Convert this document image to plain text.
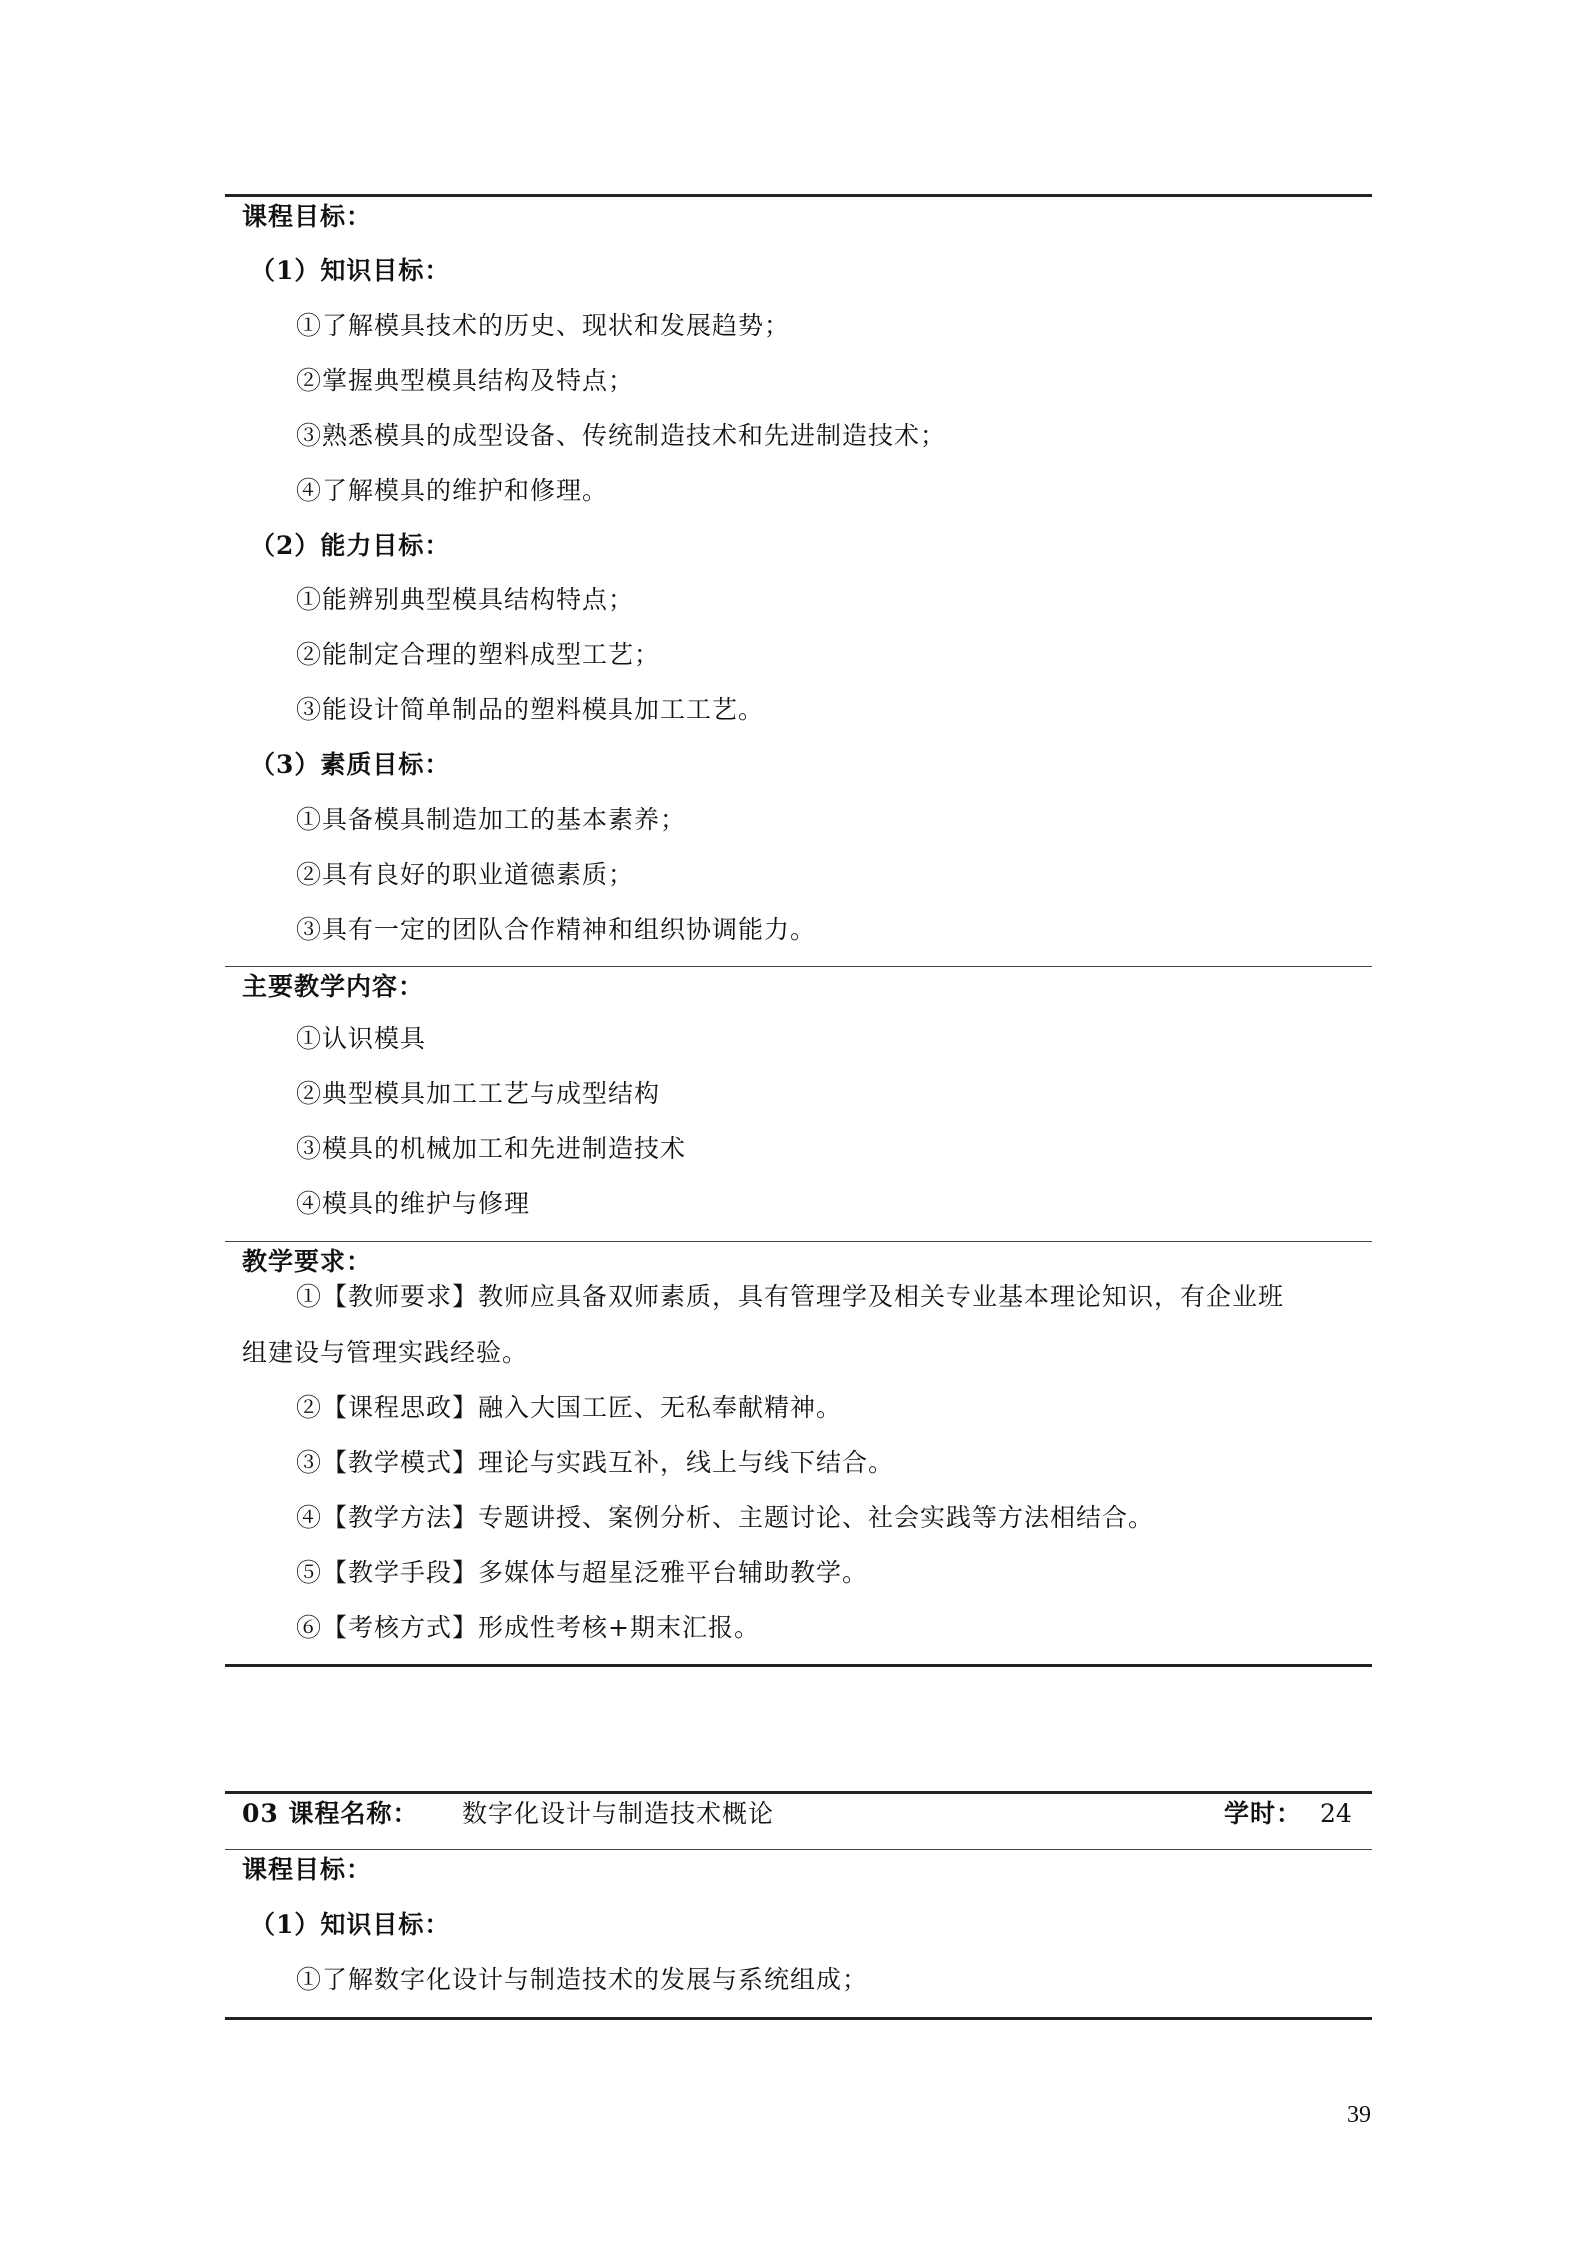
课程目标：
（1）知识目标：
①了解模具技术的历史、现状和发展趋势；
②掌握典型模具结构及特点；
③熟悉模具的成型设备、传统制造技术和先进制造技术；
④了解模具的维护和修理。
（2）能力目标：
①能辨别典型模具结构特点；
②能制定合理的塑料成型工艺；
③能设计简单制品的塑料模具加工工艺。
（3）素质目标：
①具备模具制造加工的基本素养；
②具有良好的职业道德素质；
③具有一定的团队合作精神和组织协调能力。
主要教学内容：
①认识模具
②典型模具加工工艺与成型结构
③模具的机械加工和先进制造技术
④模具的维护与修理
教学要求：
①【教师要求】教师应具备双师素质，具有管理学及相关专业基本理论知识，有企业班
组建设与管理实践经验。
②【课程思政】融入大国工匠、无私奉献精神。
③【教学模式】理论与实践互补，线上与线下结合。
④【教学方法】专题讲授、案例分析、主题讨论、社会实践等方法相结合。
⑤【教学手段】多媒体与超星泛雅平台辅助教学。
⑥【考核方式】形成性考核+期末汇报。
03 课程名称： 数字化设计与制造技术概论	学时： 24
课程目标：
（1）知识目标：
①了解数字化设计与制造技术的发展与系统组成；
39
